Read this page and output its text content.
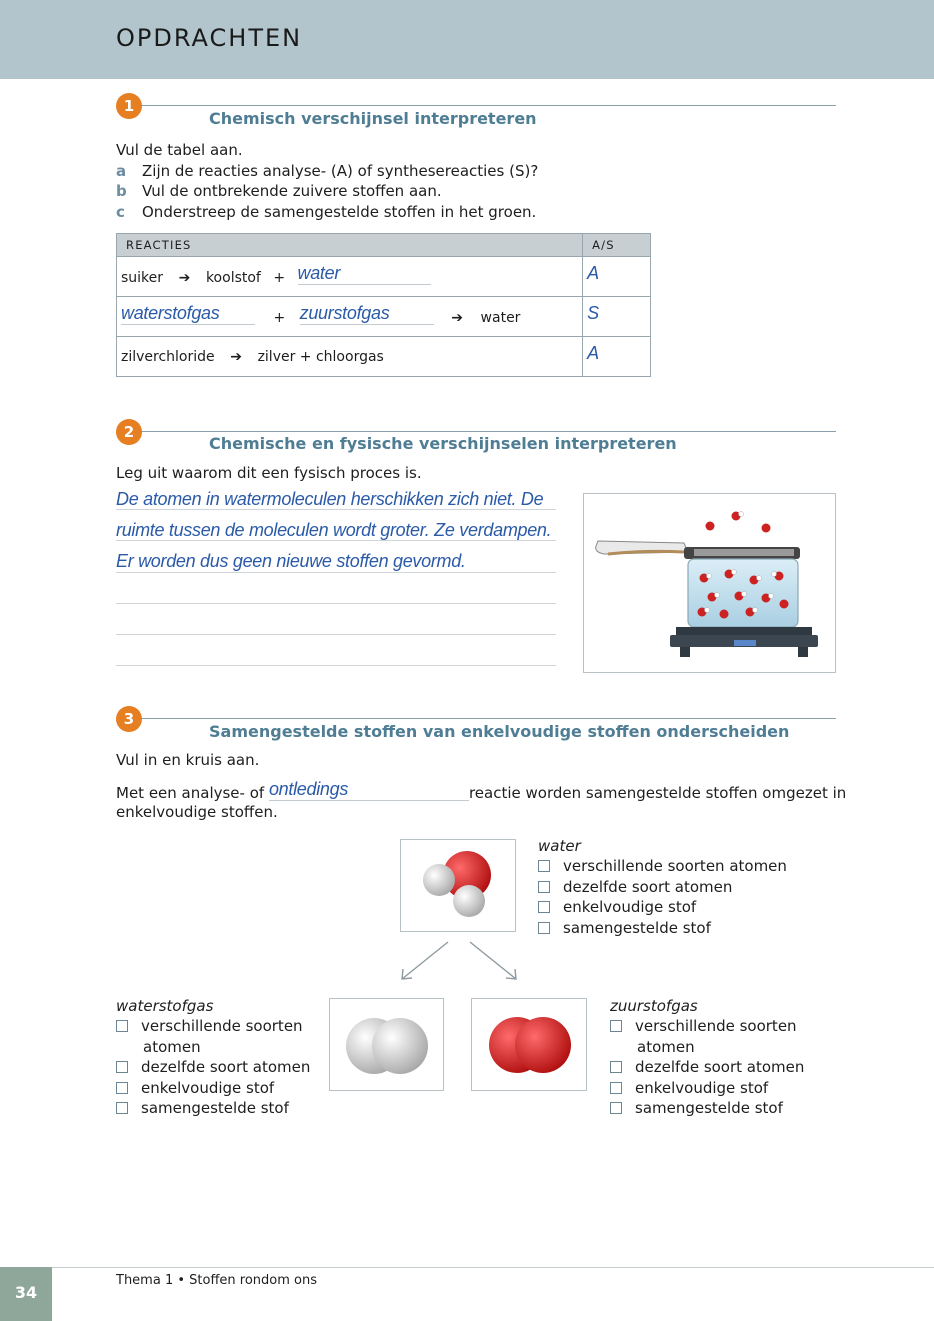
OPDRACHTEN
1
Chemisch verschijnsel interpreteren
Vul de tabel aan.
a Zijn de reacties analyse- (A) of synthesereacties (S)?
b Vul de ontbrekende zuivere stoffen aan.
c Onderstreep de samengestelde stoffen in het groen.
REACTIES	A/S
suiker ➔ koolstof + water	A
waterstofgas + zuurstofgas ➔ water	S
zilverchloride ➔ zilver + chloorgas	A
2
Chemische en fysische verschijnselen interpreteren
Leg uit waarom dit een fysisch proces is.
De atomen in watermoleculen herschikken zich niet. De
ruimte tussen de moleculen wordt groter. Ze verdampen.
Er worden dus geen nieuwe stoffen gevormd.
3
Samengestelde stoffen van enkelvoudige stoffen onderscheiden
Vul in en kruis aan.
Met een analyse- of ontledings	reactie worden samengestelde stoffen omgezet in
enkelvoudige stoffen.
water
verschillende soorten atomen
dezelfde soort atomen
enkelvoudige stof
samengestelde stof
waterstofgas
verschillende soorten
atomen
dezelfde soort atomen
enkelvoudige stof
samengestelde stof
zuurstofgas
verschillende soorten
atomen
dezelfde soort atomen
enkelvoudige stof
samengestelde stof
34
Thema 1 • Stoffen rondom ons
